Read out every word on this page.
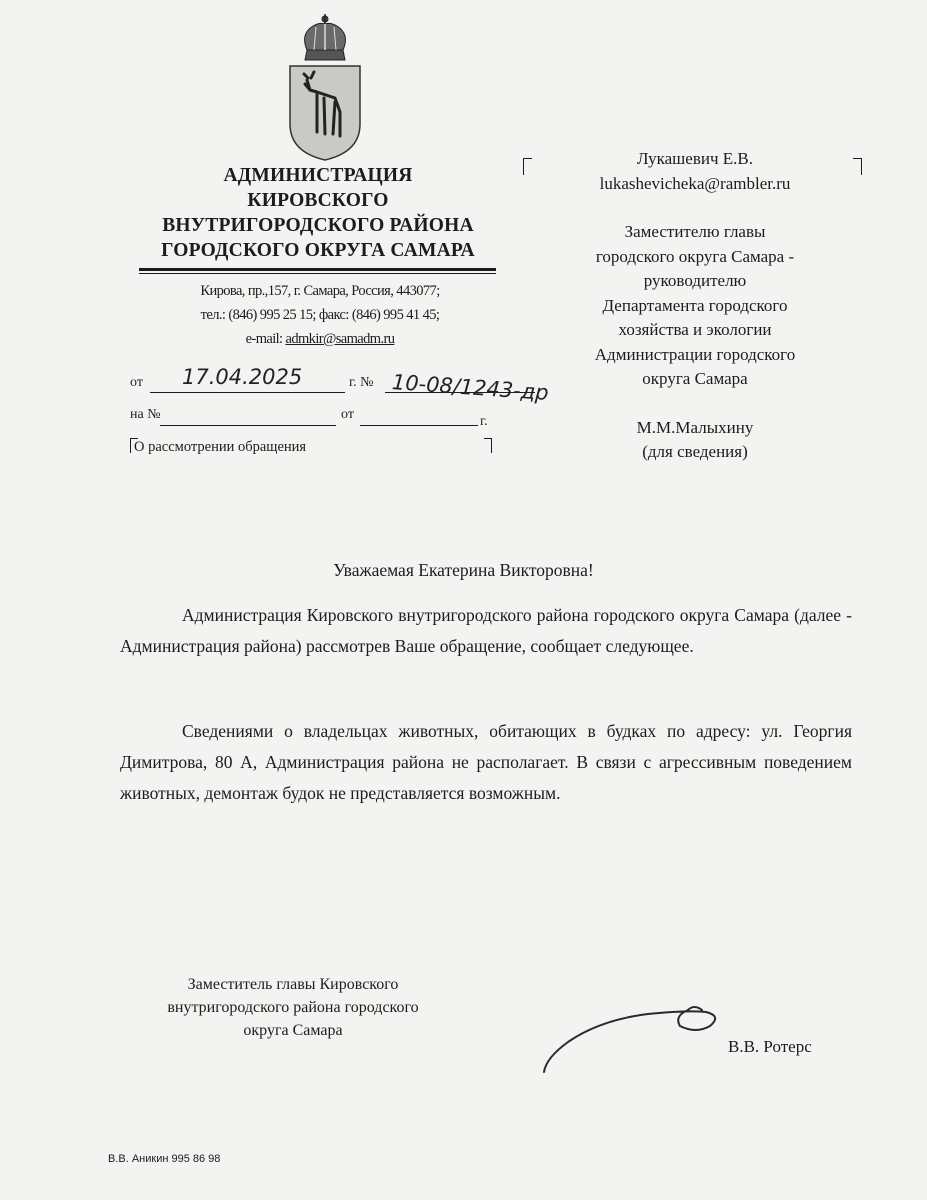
АДМИНИСТРАЦИЯ
КИРОВСКОГО
ВНУТРИГОРОДСКОГО РАЙОНА
ГОРОДСКОГО ОКРУГА САМАРА
Кирова, пр.,157, г. Самара, Россия, 443077;
тел.: (846) 995 25 15; факс: (846) 995 41 45;
e-mail: admkir@samadm.ru
от 17.04.2025	г. № 10-08/1243-др
на №	от	г.
О рассмотрении обращения
Лукашевич Е.В.
lukashevicheka@rambler.ru
Заместителю главы
городского округа Самара -
руководителю
Департамента городского
хозяйства и экологии
Администрации городского
округа Самара
М.М.Малыхину
(для сведения)
Уважаемая Екатерина Викторовна!
Администрация Кировского внутригородского района городского округа Самара (далее - Администрация района) рассмотрев Ваше обращение, сообщает следующее.
Сведениями о владельцах животных, обитающих в будках по адресу: ул. Георгия Димитрова, 80 А, Администрация района не располагает. В связи с агрессивным поведением животных, демонтаж будок не представляется возможным.
Заместитель главы Кировского
внутригородского района городского
округа Самара
В.В. Ротерс
В.В. Аникин 995 86 98
